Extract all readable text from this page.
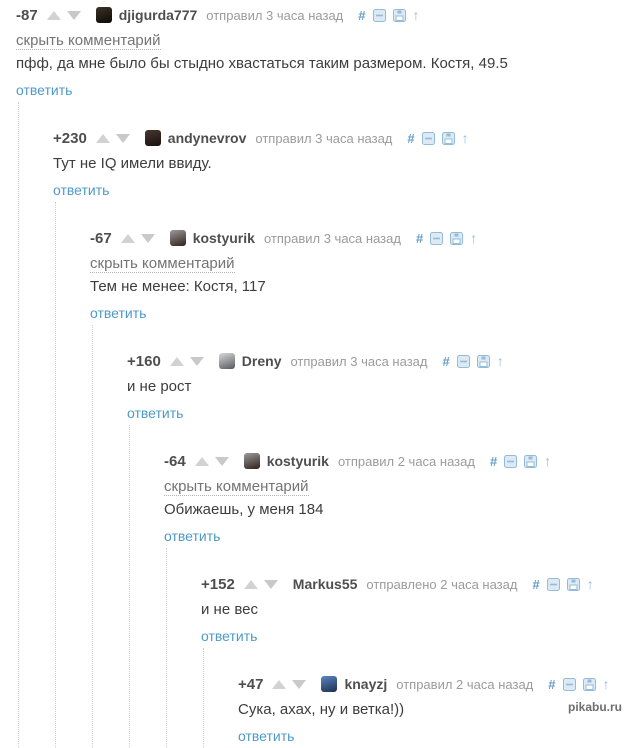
-87	djigurda777 отправил 3 часа назад #	↑
скрыть комментарий
пфф, да мне было бы стыдно хвастаться таким размером. Костя, 49.5
ответить
+230	andynevrov отправил 3 часа назад #	↑
Тут не IQ имели ввиду.
ответить
-67	kostyurik отправил 3 часа назад #	↑
скрыть комментарий
Тем не менее: Костя, 117
ответить
+160	Dreny отправил 3 часа назад #	↑
и не рост
ответить
-64	kostyurik отправил 2 часа назад #	↑
скрыть комментарий
Обижаешь, у меня 184
ответить
+152	Markus55 отправлено 2 часа назад #	↑
и не вес
ответить
+47	knayzj отправил 2 часа назад #	↑
Сука, ахах, ну и ветка!))
ответить
pikabu.ru
